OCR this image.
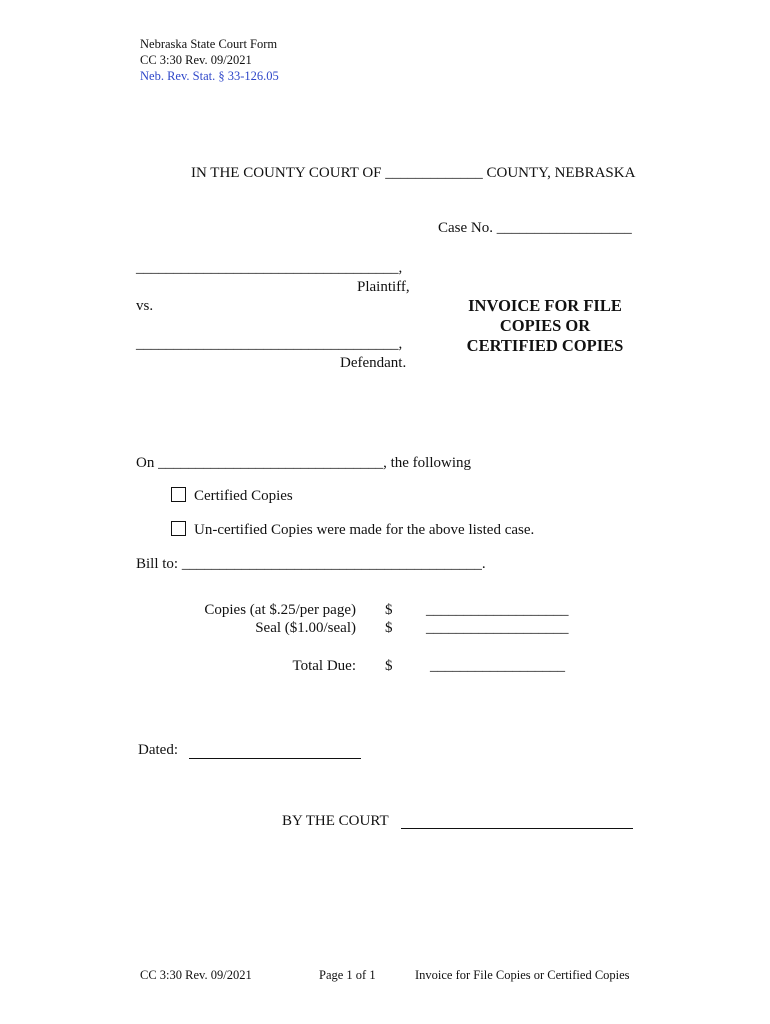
Nebraska State Court Form
CC 3:30 Rev. 09/2021
Neb. Rev. Stat. § 33-126.05
IN THE COUNTY COURT OF _____________ COUNTY, NEBRASKA
Case No. __________________
___________________________________,
Plaintiff,
vs.
___________________________________,
Defendant.
INVOICE FOR FILE
COPIES OR
CERTIFIED COPIES
On ______________________________, the following
Certified Copies
Un-certified Copies were made for the above listed case.
Bill to: ________________________________________.
Copies (at $.25/per page) $ ___________________
Seal ($1.00/seal) $ ___________________
Total Due: $	__________________
Dated:
BY THE COURT
CC 3:30 Rev. 09/2021	Page 1 of 1	Invoice for File Copies or Certified Copies
